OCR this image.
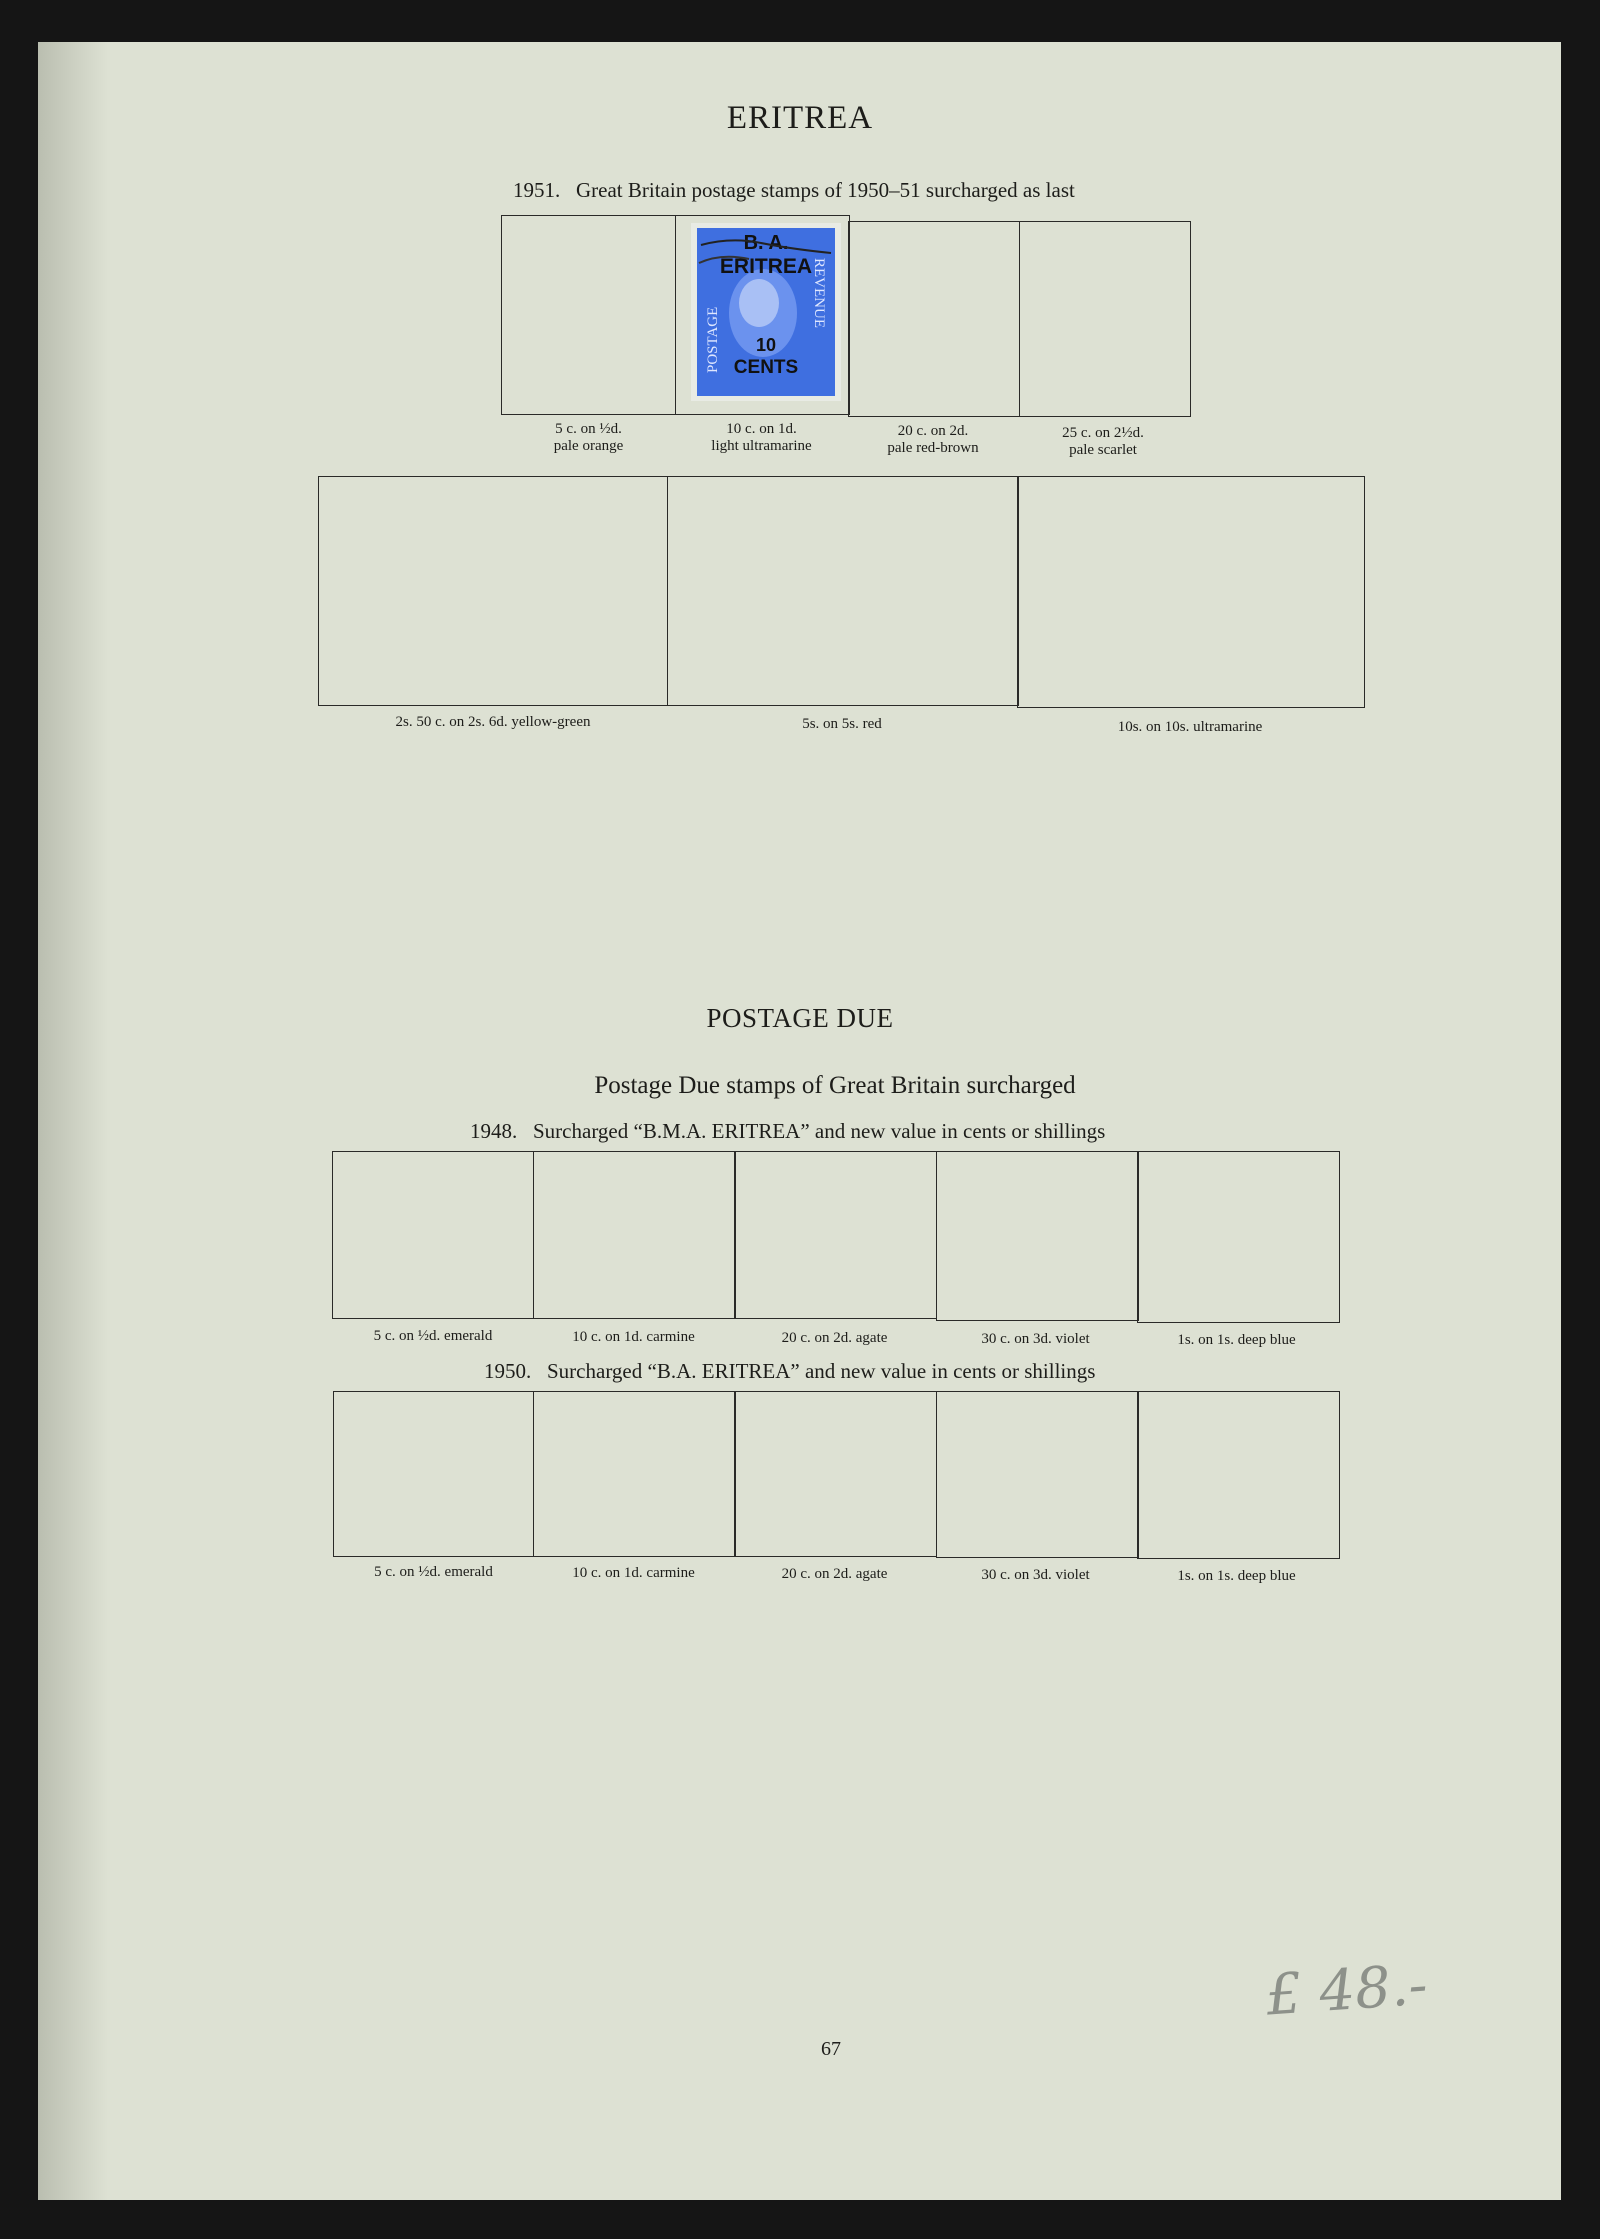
ERITREA
1951. Great Britain postage stamps of 1950–51 surcharged as last
POSTAGE
REVENUE
B. A.
ERITREA
10
CENTS
5 c. on ½d.
pale orange
10 c. on 1d.
light ultramarine
20 c. on 2d.
pale red-brown
25 c. on 2½d.
pale scarlet
2s. 50 c. on 2s. 6d. yellow-green	5s. on 5s. red	10s. on 10s. ultramarine
POSTAGE DUE
Postage Due stamps of Great Britain surcharged
1948. Surcharged “B.M.A. ERITREA” and new value in cents or shillings
5 c. on ½d. emerald	10 c. on 1d. carmine	20 c. on 2d. agate	30 c. on 3d. violet	1s. on 1s. deep blue
1950. Surcharged “B.A. ERITREA” and new value in cents or shillings
5 c. on ½d. emerald	10 c. on 1d. carmine	20 c. on 2d. agate	30 c. on 3d. violet	1s. on 1s. deep blue
£ 48.-
67
